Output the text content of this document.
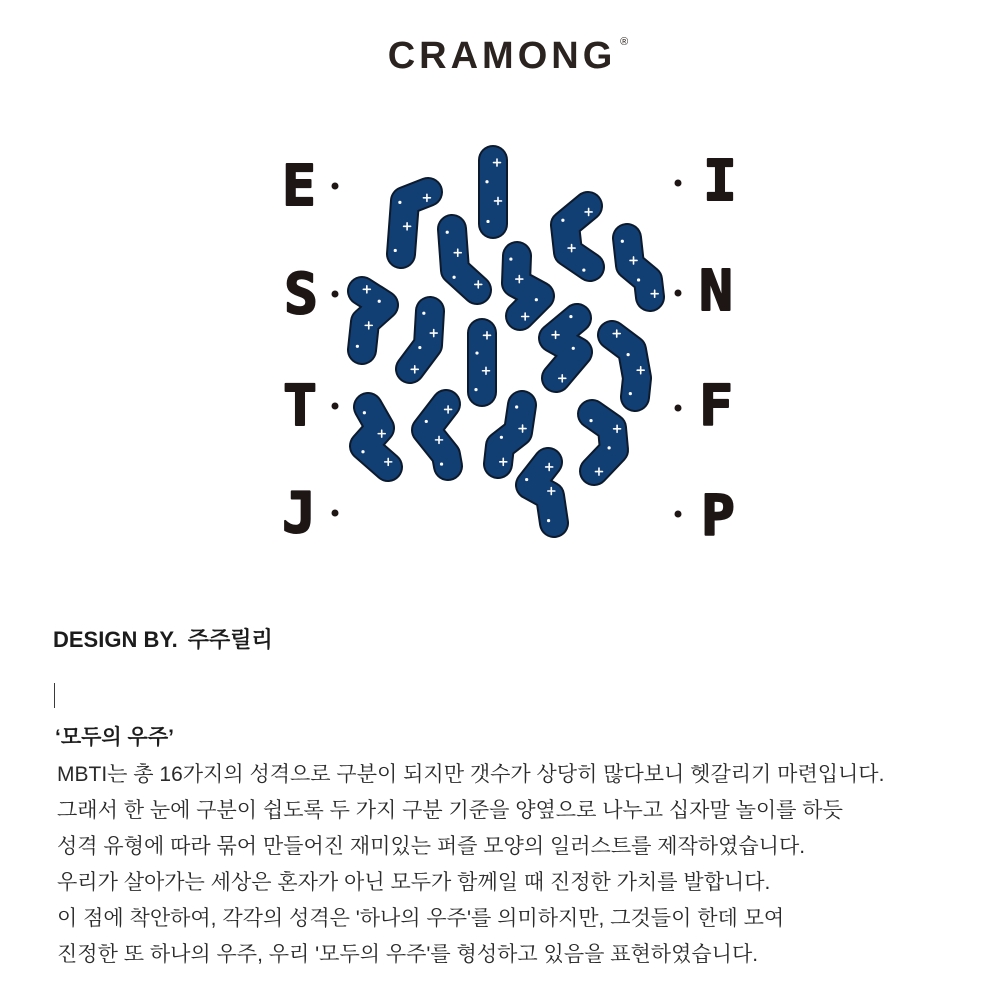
CRAMONG ®
E
S
T
J
I
N
F
P
DESIGN BY. 주주릴리
‘모두의 우주’
MBTI는 총 16가지의 성격으로 구분이 되지만 갯수가 상당히 많다보니 헷갈리기 마련입니다.
그래서 한 눈에 구분이 쉽도록 두 가지 구분 기준을 양옆으로 나누고 십자말 놀이를 하듯
성격 유형에 따라 묶어 만들어진 재미있는 퍼즐 모양의 일러스트를 제작하였습니다.
우리가 살아가는 세상은 혼자가 아닌 모두가 함께일 때 진정한 가치를 발합니다.
이 점에 착안하여, 각각의 성격은 '하나의 우주'를 의미하지만, 그것들이 한데 모여
진정한 또 하나의 우주, 우리 '모두의 우주'를 형성하고 있음을 표현하였습니다.
